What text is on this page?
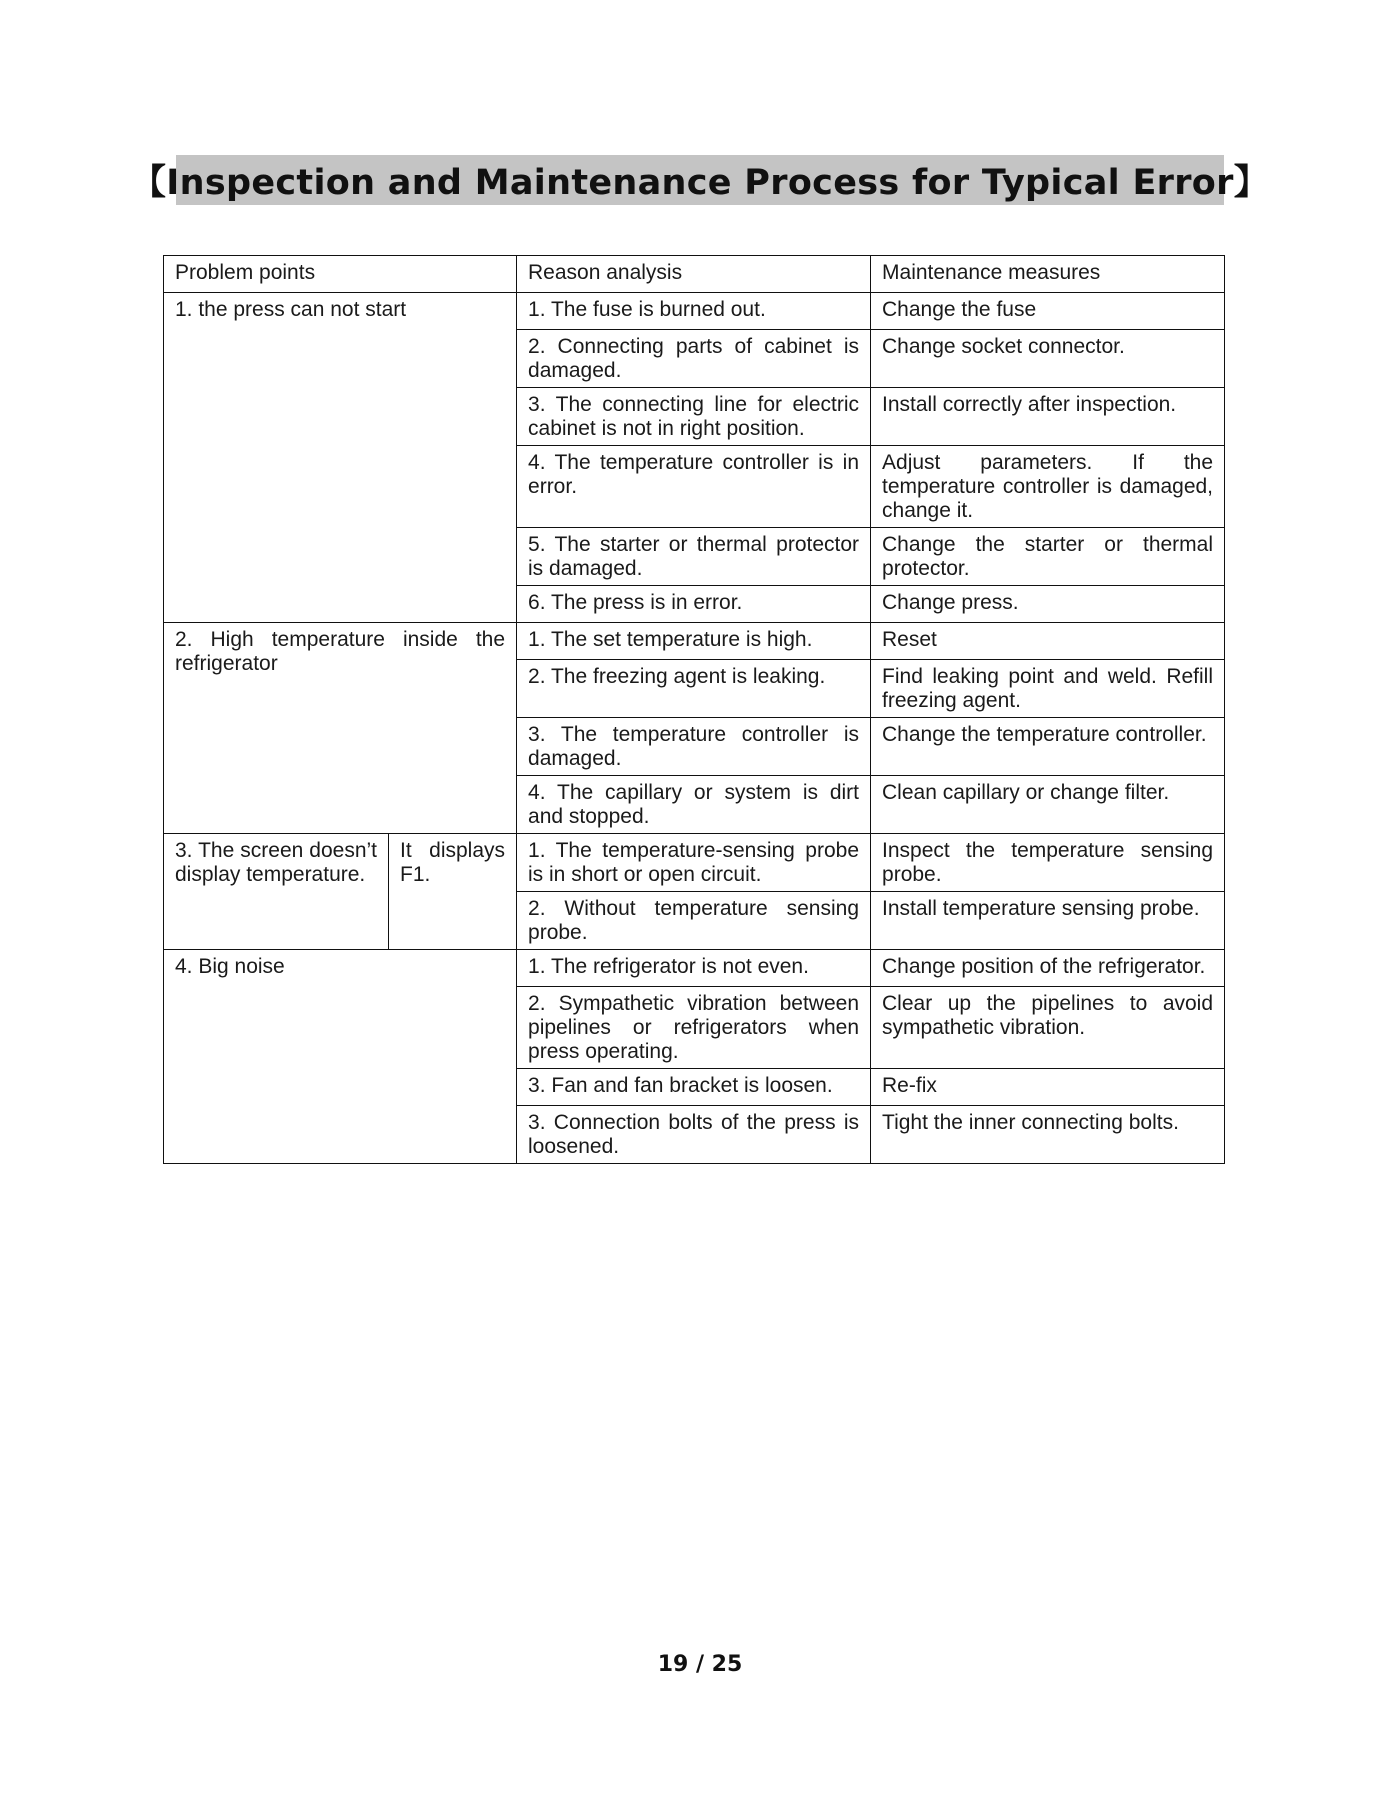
【Inspection and Maintenance Process for Typical Error】
Problem points		Reason analysis	Maintenance measures
1. the press can not start		1. The fuse is burned out.	Change the fuse
		2. Connecting parts of cabinet is damaged.	Change socket connector.
		3. The connecting line for electric cabinet is not in right position.	Install correctly after inspection.
		4. The temperature controller is in error.	Adjust parameters. If the temperature controller is damaged, change it.
		5. The starter or thermal protector is damaged.	Change the starter or thermal protector.
		6. The press is in error.	Change press.
2. High temperature inside the refrigerator		1. The set temperature is high.	Reset
		2. The freezing agent is leaking.	Find leaking point and weld. Refill freezing agent.
		3. The temperature controller is damaged.	Change the temperature controller.
		4. The capillary or system is dirt and stopped.	Clean capillary or change filter.
3. The screen doesn’t display temperature.	It displays F1.	1. The temperature-sensing probe is in short or open circuit.	Inspect the temperature sensing probe.
		2. Without temperature sensing probe.	Install temperature sensing probe.
4. Big noise		1. The refrigerator is not even.	Change position of the refrigerator.
		2. Sympathetic vibration between pipelines or refrigerators when press operating.	Clear up the pipelines to avoid sympathetic vibration.
		3. Fan and fan bracket is loosen.	Re-fix
		3. Connection bolts of the press is loosened.	Tight the inner connecting bolts.
19 / 25
